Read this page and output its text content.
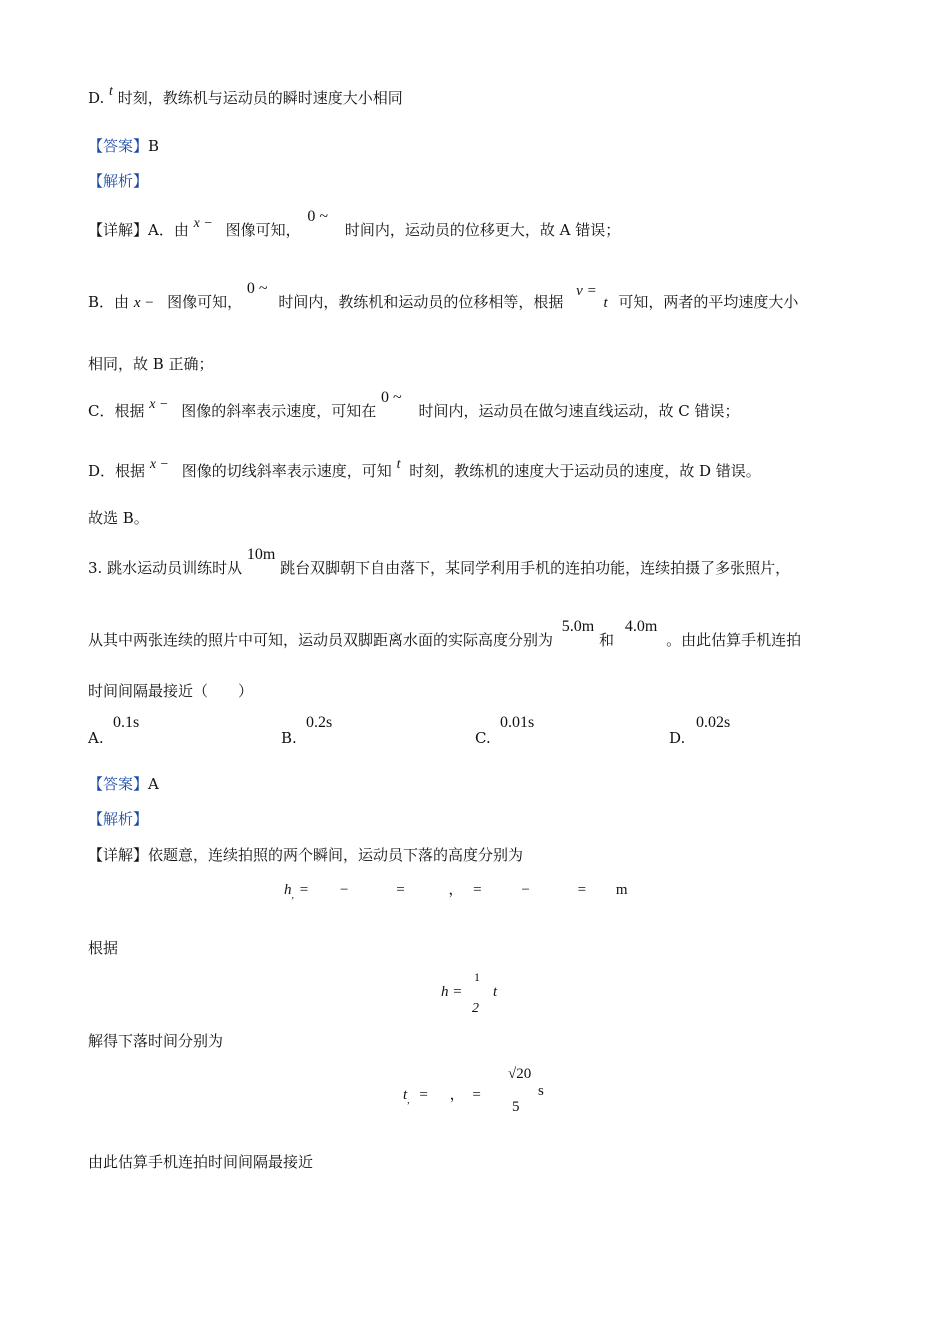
D. t 时刻，教练机与运动员的瞬时速度大小相同
【答案】B
【解析】
【详解】A．由 x − 图像可知， 0 ~ 时间内，运动员的位移更大，故 A 错误；
B．由 x − 图像可知， 0 ~ 时间内，教练机和运动员的位移相等，根据 v = t 可知，两者的平均速度大小
相同，故 B 正确；
C．根据 x − 图像的斜率表示速度，可知在 0 ~ 时间内，运动员在做匀速直线运动，故 C 错误；
D．根据 x − 图像的切线斜率表示速度，可知 t 时刻，教练机的速度大于运动员的速度，故 D 错误。
故选 B。
3. 跳水运动员训练时从 10m 跳台双脚朝下自由落下，某同学利用手机的连拍功能，连续拍摄了多张照片，
从其中两张连续的照片中可知，运动员双脚距离水面的实际高度分别为 5.0m 和 4.0m 。由此估算手机连拍
时间间隔最接近（　　）
A.
0.1s
B.
0.2s
C.
0.01s
D.
0.02s
【答案】A
【解析】
【详解】依题意，连续拍照的两个瞬间，运动员下落的高度分别为
$h_,$ = −	=	， =	−	= m
根据
h =
1
2
t
解得下落时间分别为
$t_,$ = ， =
√20
5
s
由此估算手机连拍时间间隔最接近
